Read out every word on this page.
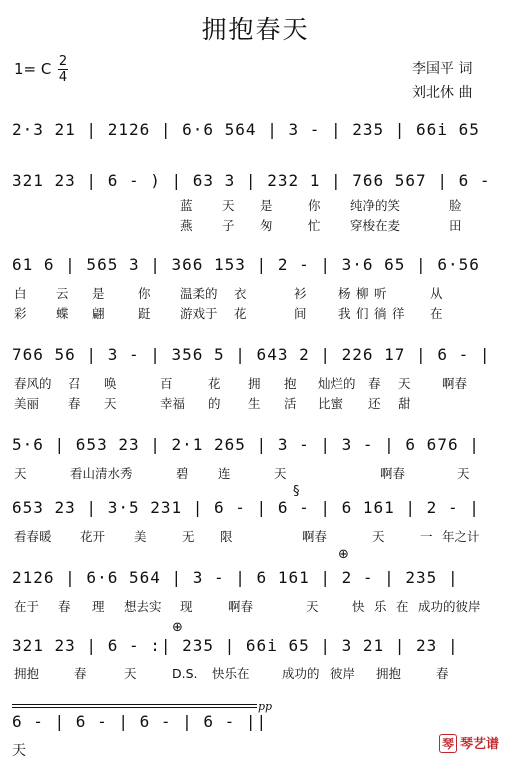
拥抱春天
1= C 2
4
李国平 词
刘北休 曲
2·3 21 | 2126 | 6·6 564 | 3 - | 235 | 66i 65
321 23 | 6 - ) | 63 3 | 232 1 | 766 567 | 6 -
蓝 天 是	你 纯净的笑	脸
燕 子 匆	忙 穿梭在麦	田
61 6 | 565 3 | 366 153 | 2 - | 3·6 65 | 6·56
白 云 是	你 温柔的 衣	衫	杨 柳 听	从
彩 蝶 翩	跹 游戏于 花	间	我 们 徜 徉 在
766 56 | 3 - | 356 5 | 643 2 | 226 17 | 6 - |
春风的 召 唤	百	花 拥 抱 灿烂的 春 天	啊春
美丽 春 天	幸福 的 生 活 比蜜 还 甜
5·6 | 653 23 | 2·1 265 | 3 - | 3 - | 6 676 |
天	看山清水秀	碧 连	天	啊春	天
653 23 | 3·5 231 | 6 - | 6 - | 6 161 | 2 - |
§
看春暖 花开 美	无 限	啊春	天	一 年之计
2126 | 6·6 564 | 3 - | 6 161 | 2 - | 235 |
⊕
在于 春 理 想去实 现	啊春	天	快 乐 在 成功的彼岸
321 23 | 6 - :| 235 | 66i 65 | 3 21 | 23 |
⊕
拥抱	春	天	D.S. 快乐在	成功的 彼岸 拥抱	春
pp
6 - | 6 - | 6 - | 6 - ||
天	琴 琴艺谱
